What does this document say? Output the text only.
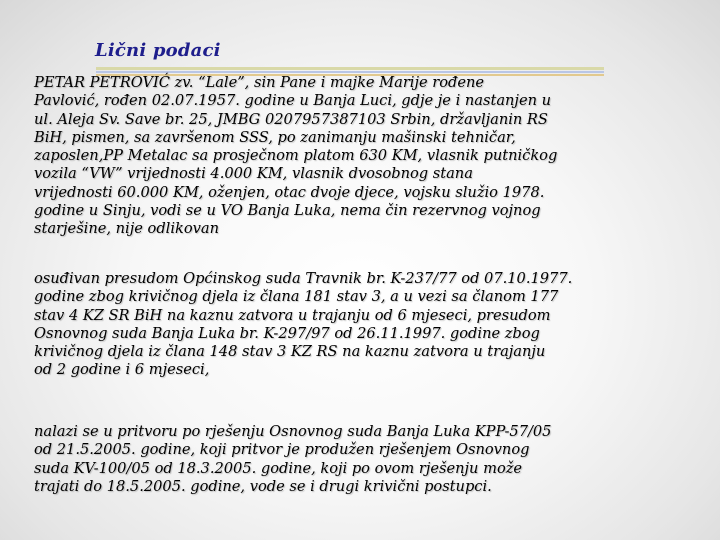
Lični podaci

PETAR PETROVIĆ zv. “Lale”, sin Pane i majke Marije rođene
Pavlović, rođen 02.07.1957. godine u Banja Luci, gdje je i nastanjen u
ul. Aleja Sv. Save br. 25, JMBG 0207957387103 Srbin, državljanin RS
BiH, pismen, sa završenom SSS, po zanimanju mašinski tehničar,
zaposlen,PP Metalac sa prosječnom platom 630 KM, vlasnik putničkog
vozila “VW” vrijednosti 4.000 KM, vlasnik dvosobnog stana
vrijednosti 60.000 KM, oženjen, otac dvoje djece, vojsku služio 1978.
godine u Sinju, vodi se u VO Banja Luka, nema čin rezervnog vojnog
starješine, nije odlikovan

osuđivan presudom Općinskog suda Travnik br. K-237/77 od 07.10.1977.
godine zbog krivičnog djela iz člana 181 stav 3, a u vezi sa članom 177
stav 4 KZ SR BiH na kaznu zatvora u trajanju od 6 mjeseci, presudom
Osnovnog suda Banja Luka br. K-297/97 od 26.11.1997. godine zbog
krivičnog djela iz člana 148 stav 3 KZ RS na kaznu zatvora u trajanju
od 2 godine i 6 mjeseci,

nalazi se u pritvoru po rješenju Osnovnog suda Banja Luka KPP-57/05
od 21.5.2005. godine, koji pritvor je produžen rješenjem Osnovnog
suda KV-100/05 od 18.3.2005. godine, koji po ovom rješenju može
trajati do 18.5.2005. godine, vode se i drugi krivični postupci.
